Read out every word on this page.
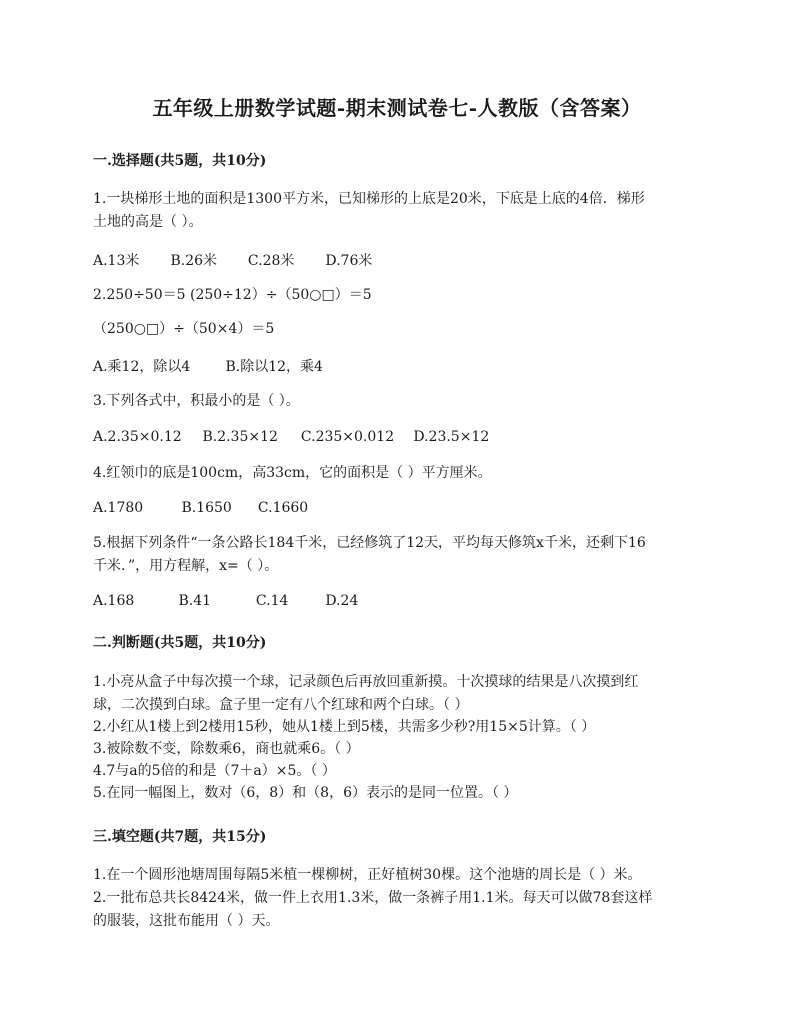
五年级上册数学试题-期末测试卷七-人教版（含答案）
一.选择题(共5题，共10分)
1.一块梯形土地的面积是1300平方米，已知梯形的上底是20米，下底是上底的4倍．梯形
土地的高是（ ）。
A.13米 B.26米 C.28米 D.76米
2.250÷50＝5 (250÷12）÷（50○□）＝5
（250○□）÷（50×4）＝5
A.乘12，除以4	B.除以12，乘4
3.下列各式中，积最小的是（ ）。
A.2.35×0.12 B.2.35×12 C.235×0.012 D.23.5×12
4.红领巾的底是100cm，高33cm，它的面积是（ ）平方厘米。
A.1780	B.1650 C.1660
5.根据下列条件“一条公路长184千米，已经修筑了12天，平均每天修筑x千米，还剩下16
千米．”，用方程解，x=（ ）。
A.168	B.41	C.14	D.24
二.判断题(共5题，共10分)
1.小亮从盒子中每次摸一个球，记录颜色后再放回重新摸。十次摸球的结果是八次摸到红
球，二次摸到白球。盒子里一定有八个红球和两个白球。（ ）
2.小红从1楼上到2楼用15秒，她从1楼上到5楼，共需多少秒?用15×5计算。（ ）
3.被除数不变，除数乘6，商也就乘6。（ ）
4.7与a的5倍的和是（7＋a）×5。（ ）
5.在同一幅图上，数对（6，8）和（8，6）表示的是同一位置。（ ）
三.填空题(共7题，共15分)
1.在一个圆形池塘周围每隔5米植一棵柳树，正好植树30棵。这个池塘的周长是（ ）米。
2.一批布总共长8424米，做一件上衣用1.3米，做一条裤子用1.1米。每天可以做78套这样
的服装，这批布能用（ ）天。
